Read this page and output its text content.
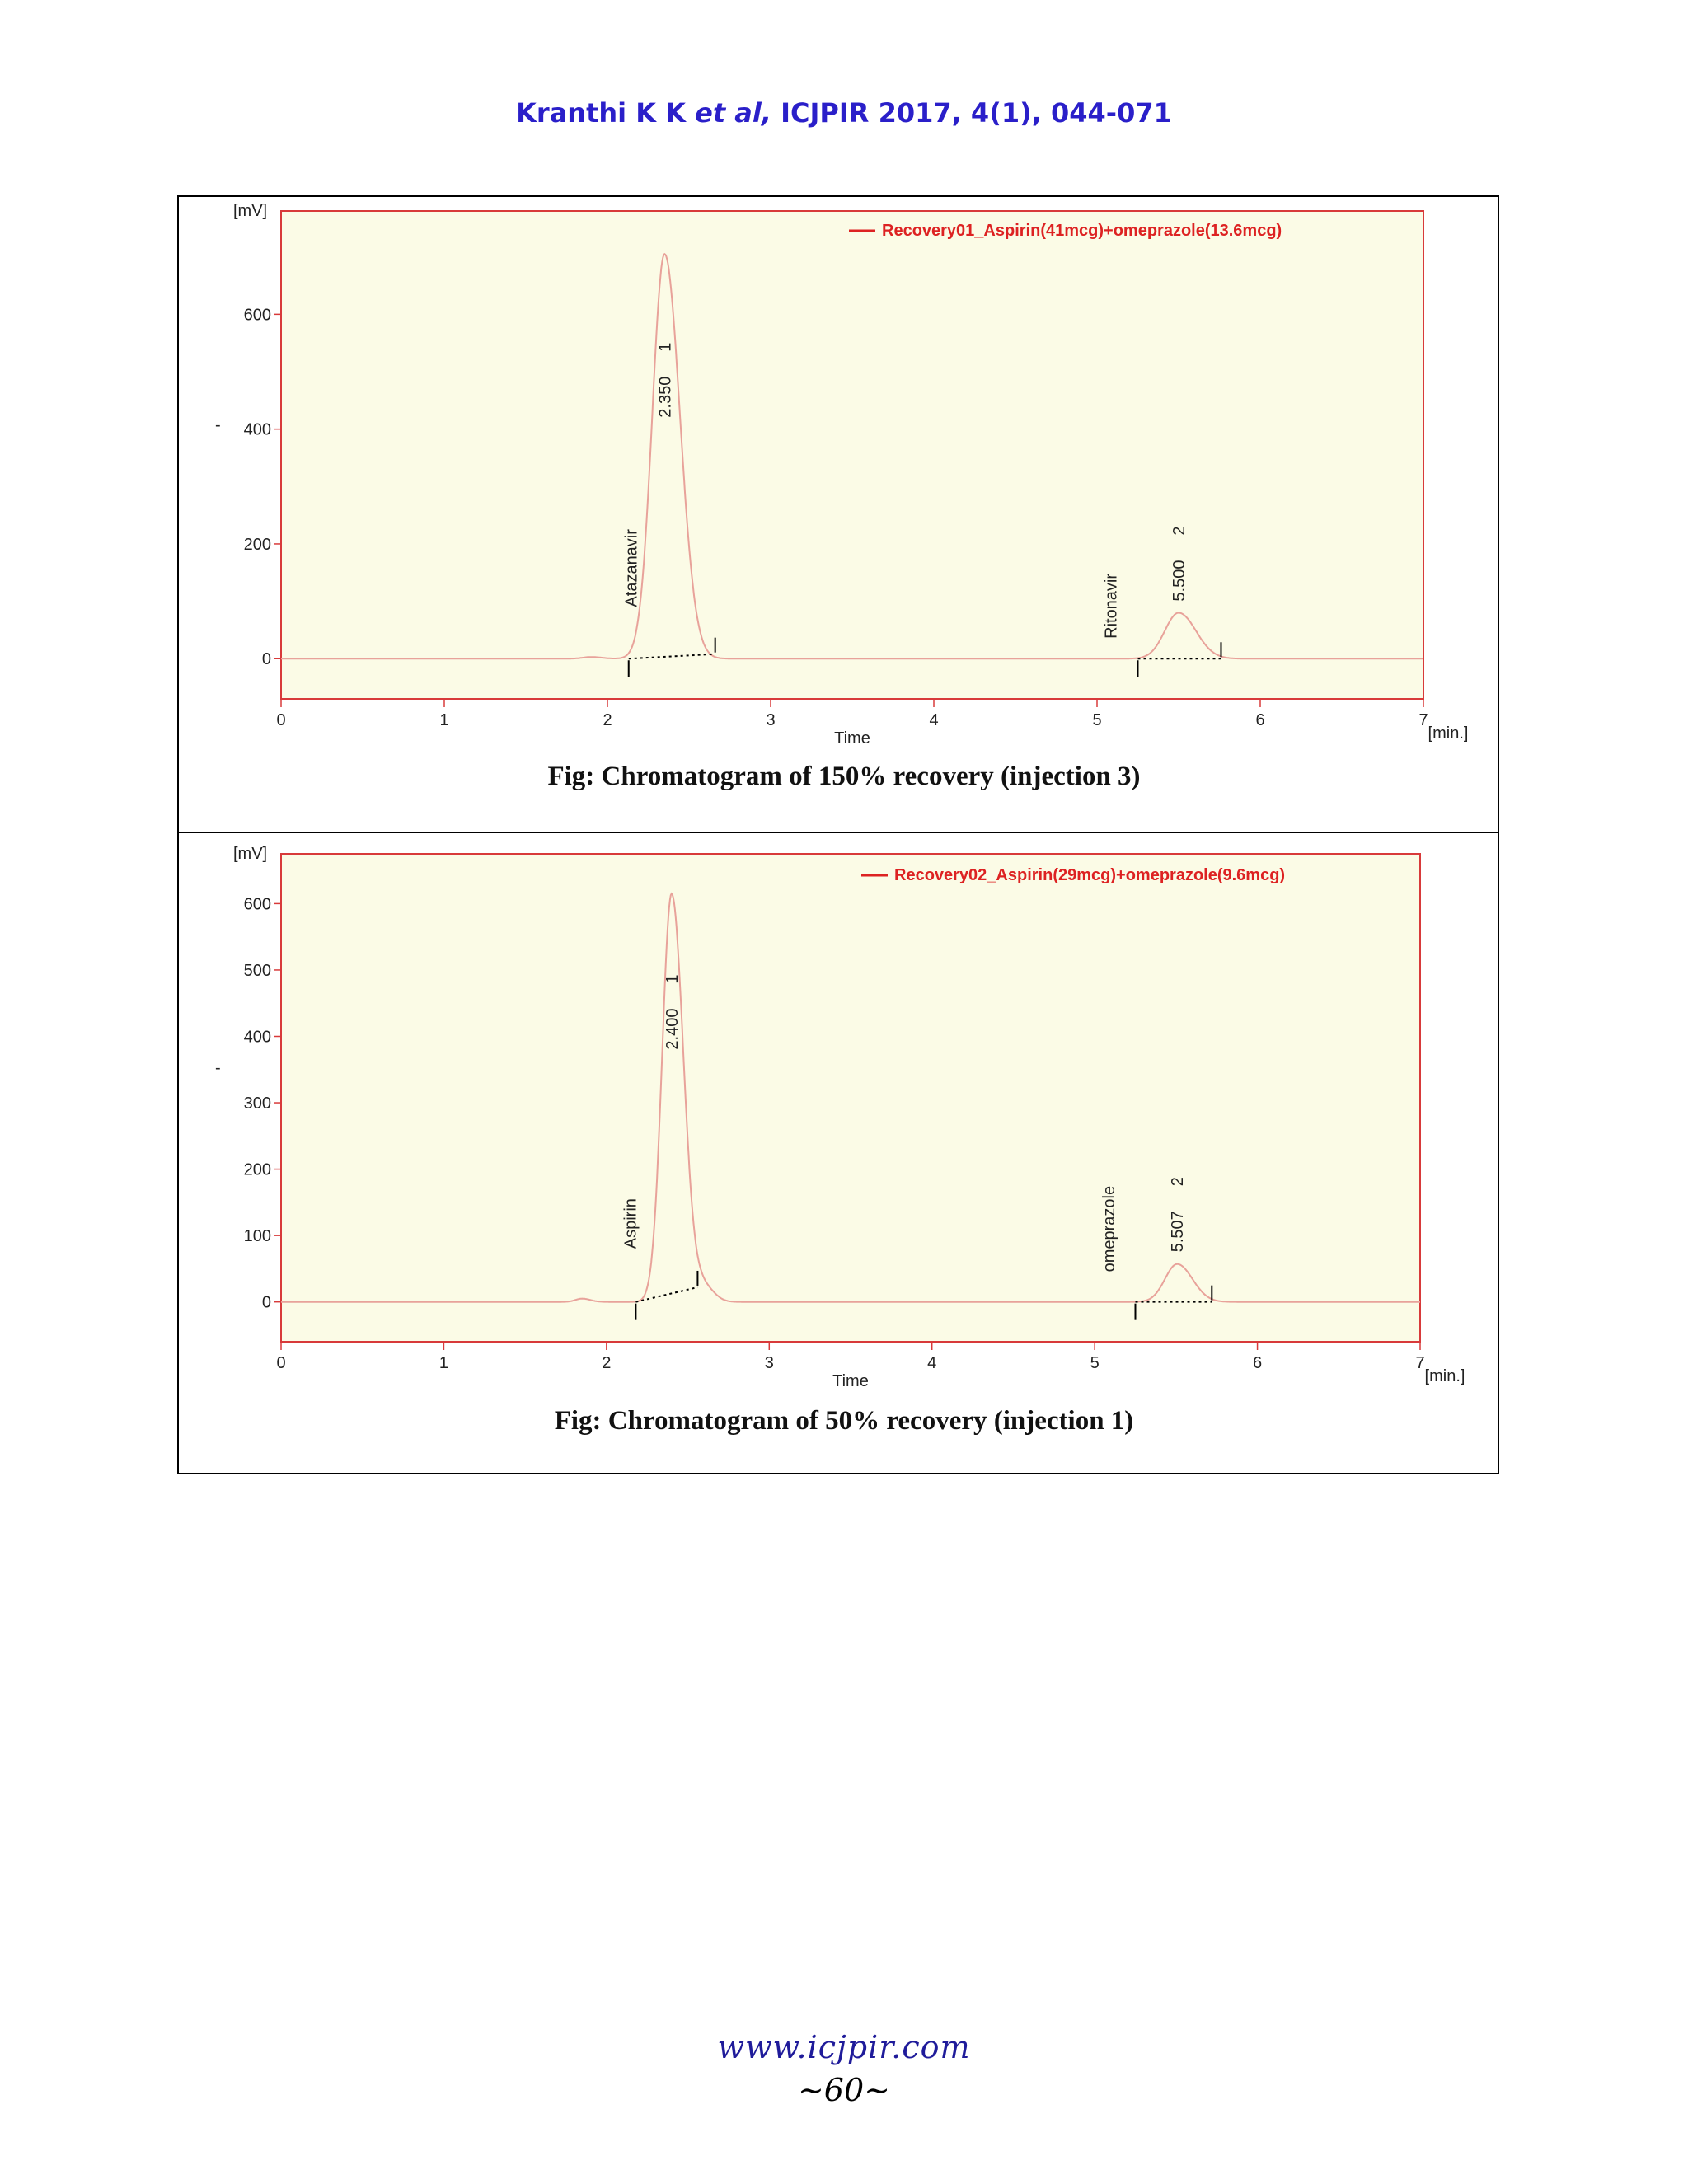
Kranthi K K et al, ICJPIR 2017, 4(1), 044-071
[mV]
-
0
200
400
600
0	1	2	3	4	5	6	7
Time	[min.]
Recovery01_Aspirin(41mcg)+omeprazole(13.6mcg)
2.350
1
Atazanavir	5.500
2
Ritonavir
Fig: Chromatogram of 150% recovery (injection 3)
[mV]
-
0
100
200
300
400
500
600
0	1	2	3	4	5	6	7
Time	[min.]
Recovery02_Aspirin(29mcg)+omeprazole(9.6mcg)
2.400
1
Aspirin	5.507
2
omeprazole
Fig: Chromatogram of 50% recovery (injection 1)
www.icjpir.com
~60~
